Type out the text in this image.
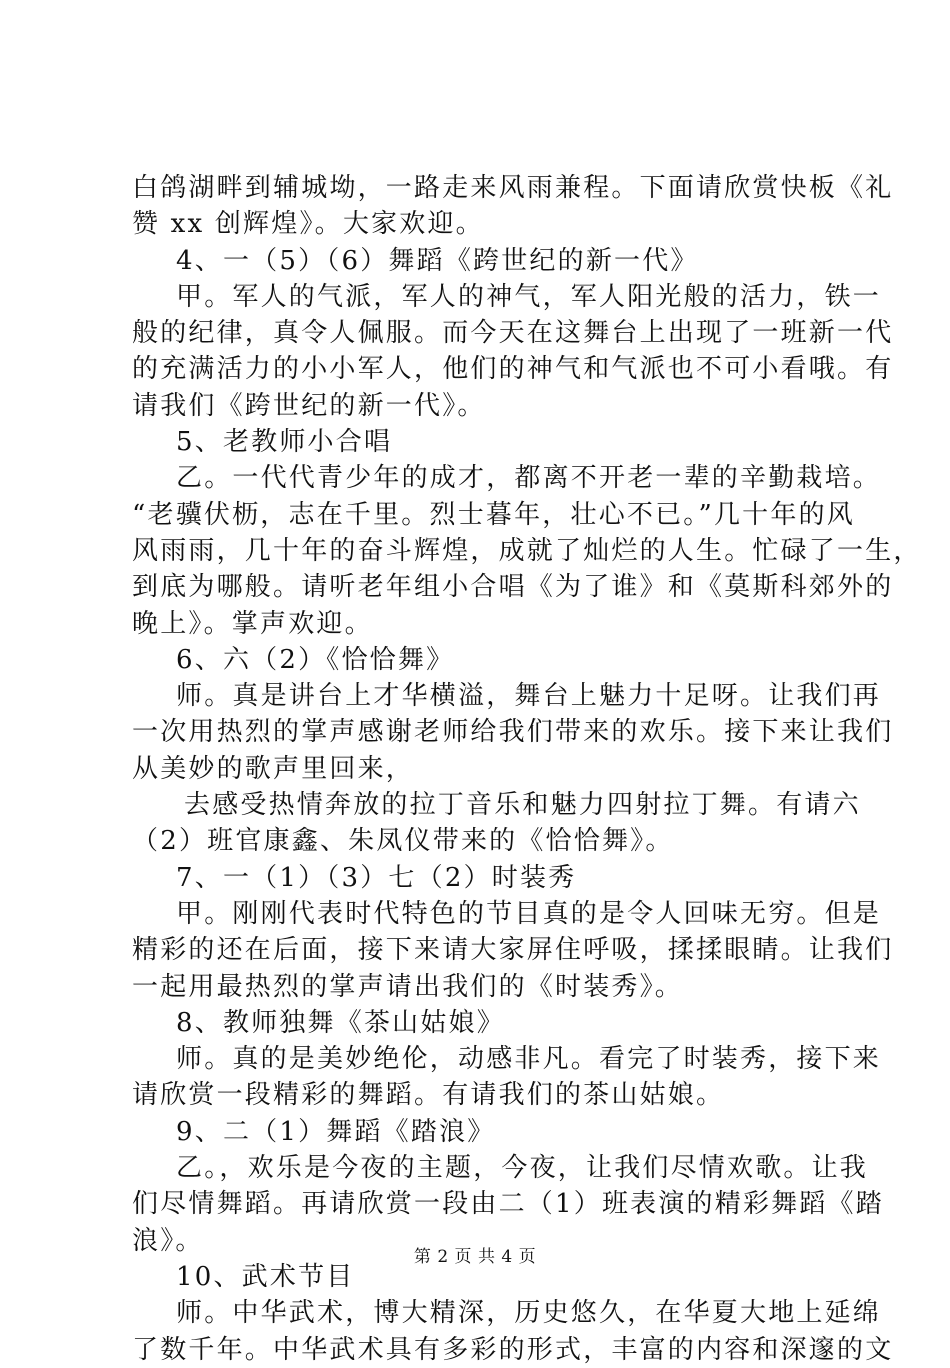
白鸽湖畔到辅城坳，一路走来风雨兼程。下面请欣赏快板《礼
赞 xx 创辉煌》。大家欢迎。
4、一（5）（6）舞蹈《跨世纪的新一代》
甲。军人的气派，军人的神气，军人阳光般的活力，铁一
般的纪律，真令人佩服。而今天在这舞台上出现了一班新一代
的充满活力的小小军人，他们的神气和气派也不可小看哦。有
请我们《跨世纪的新一代》。
5、老教师小合唱
乙。一代代青少年的成才，都离不开老一辈的辛勤栽培。
“老骥伏枥，志在千里。烈士暮年，壮心不已。”几十年的风
风雨雨，几十年的奋斗辉煌，成就了灿烂的人生。忙碌了一生，
到底为哪般。请听老年组小合唱《为了谁》和《莫斯科郊外的
晚上》。掌声欢迎。
6、六（2）《恰恰舞》
师。真是讲台上才华横溢，舞台上魅力十足呀。让我们再
一次用热烈的掌声感谢老师给我们带来的欢乐。接下来让我们
从美妙的歌声里回来，
去感受热情奔放的拉丁音乐和魅力四射拉丁舞。有请六
（2）班官康鑫、朱凤仪带来的《恰恰舞》。
7、一（1）（3）七（2）时装秀
甲。刚刚代表时代特色的节目真的是令人回味无穷。但是
精彩的还在后面，接下来请大家屏住呼吸，揉揉眼睛。让我们
一起用最热烈的掌声请出我们的《时装秀》。
8、教师独舞《茶山姑娘》
师。真的是美妙绝伦，动感非凡。看完了时装秀，接下来
请欣赏一段精彩的舞蹈。有请我们的茶山姑娘。
9、二（1）舞蹈《踏浪》
乙。，欢乐是今夜的主题，今夜，让我们尽情欢歌。让我
们尽情舞蹈。再请欣赏一段由二（1）班表演的精彩舞蹈《踏
浪》。
10、武术节目
师。中华武术，博大精深，历史悠久，在华夏大地上延绵
了数千年。中华武术具有多彩的形式，丰富的内容和深邃的文
第 2 页 共 4 页
